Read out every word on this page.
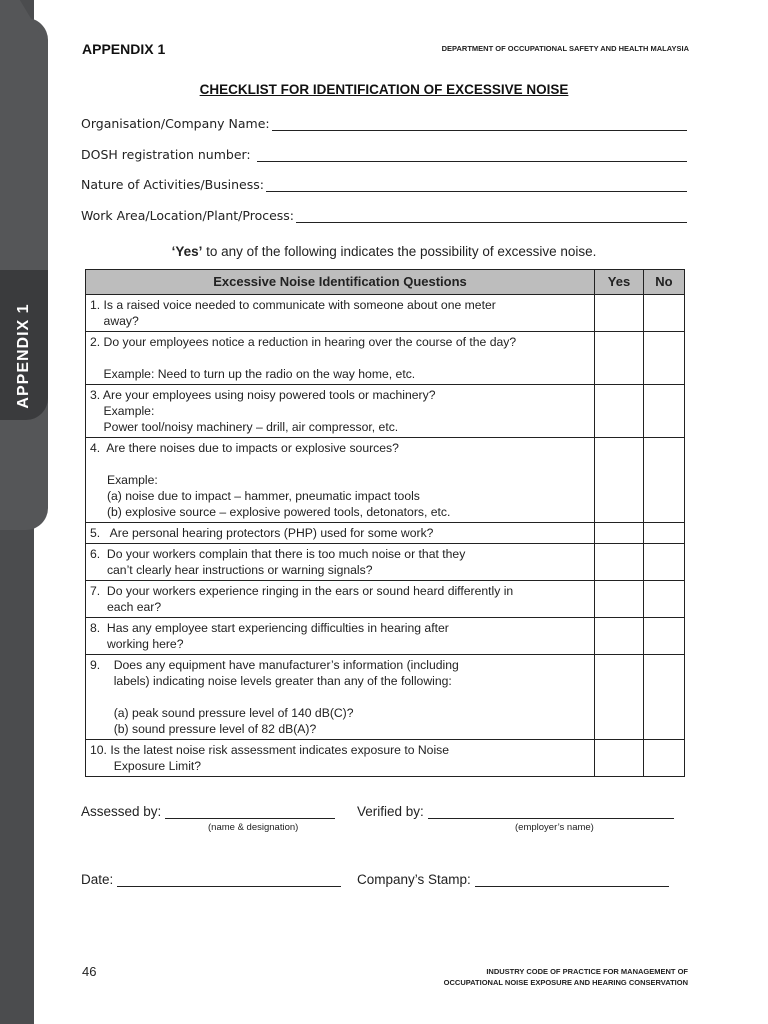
APPENDIX 1
APPENDIX 1	DEPARTMENT OF OCCUPATIONAL SAFETY AND HEALTH MALAYSIA
CHECKLIST FOR IDENTIFICATION OF EXCESSIVE NOISE
Organisation/Company Name:
DOSH registration number:
Nature of Activities/Business:
Work Area/Location/Plant/Process:
‘Yes’ to any of the following indicates the possibility of excessive noise.
Excessive Noise Identification Questions	Yes	No
1. Is a raised voice needed to communicate with someone about one meter
away?		
2. Do your employees notice a reduction in hearing over the course of the day?

Example: Need to turn up the radio on the way home, etc.		
3. Are your employees using noisy powered tools or machinery?
Example:
Power tool/noisy machinery – drill, air compressor, etc.		
4.  Are there noises due to impacts or explosive sources?

Example:
(a) noise due to impact – hammer, pneumatic impact tools
(b) explosive source – explosive powered tools, detonators, etc.		
5.   Are personal hearing protectors (PHP) used for some work?		
6.  Do your workers complain that there is too much noise or that they
can’t clearly hear instructions or warning signals?		
7.  Do your workers experience ringing in the ears or sound heard differently in
each ear?		
8.  Has any employee start experiencing difficulties in hearing after
working here?		
9.    Does any equipment have manufacturer’s information (including
labels) indicating noise levels greater than any of the following:

(a) peak sound pressure level of 140 dB(C)?
(b) sound pressure level of 82 dB(A)?		
10. Is the latest noise risk assessment indicates exposure to Noise
Exposure Limit?		
Assessed by:
(name & designation)
Verified by:
(employer’s name)
Date:	Company’s Stamp:
46	INDUSTRY CODE OF PRACTICE FOR MANAGEMENT OF
OCCUPATIONAL NOISE EXPOSURE AND HEARING CONSERVATION
